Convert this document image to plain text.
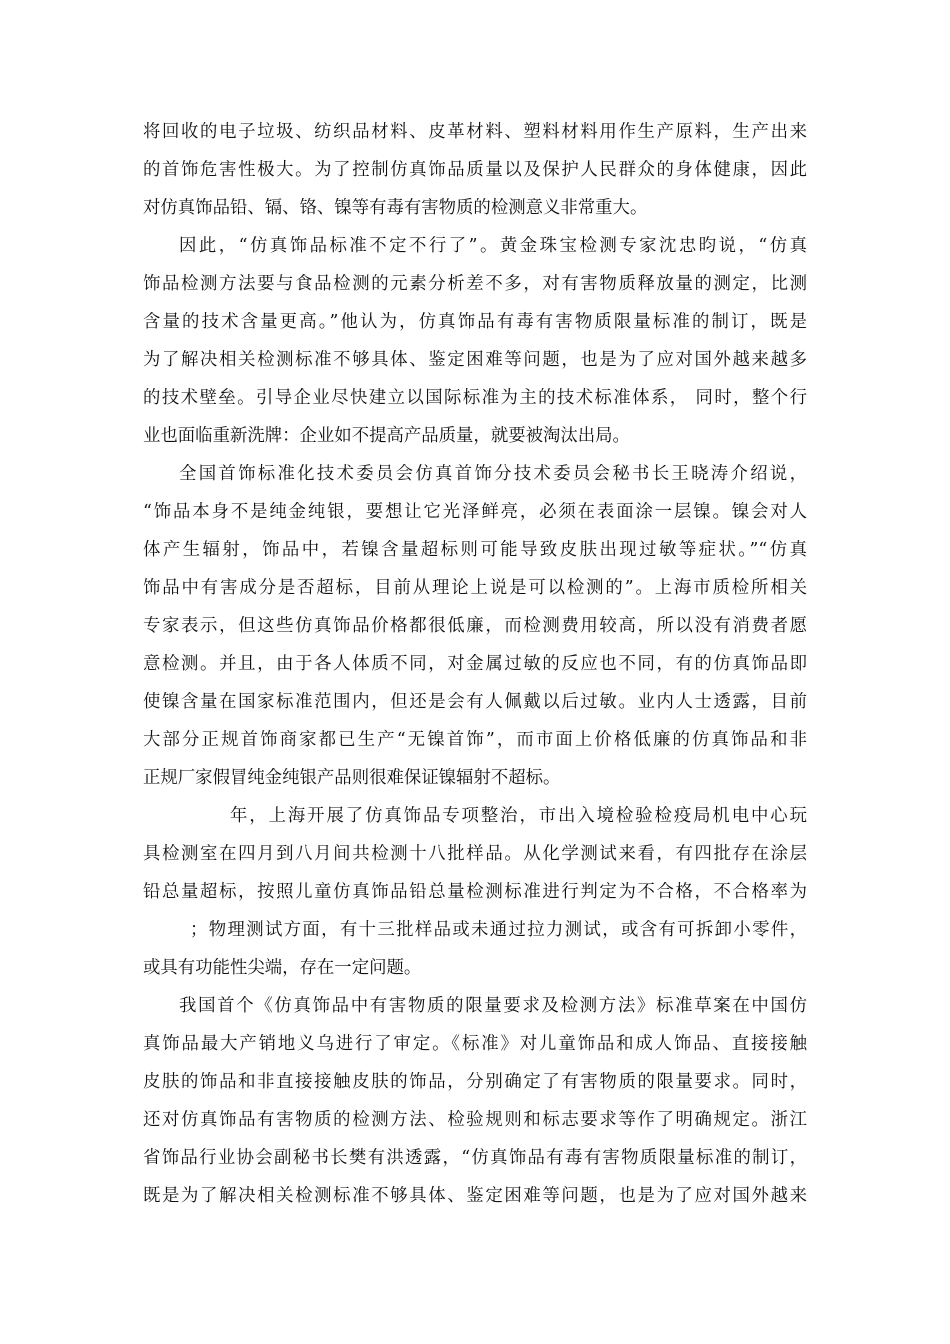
将回收的电子垃圾、纺织品材料、皮革材料、塑料材料用作生产原料，生产出来
的首饰危害性极大。为了控制仿真饰品质量以及保护人民群众的身体健康，因此
对仿真饰品铅、镉、铬、镍等有毒有害物质的检测意义非常重大。
因此，“仿真饰品标准不定不行了”。黄金珠宝检测专家沈忠昀说，“仿真
饰品检测方法要与食品检测的元素分析差不多，对有害物质释放量的测定，比测
含量的技术含量更高。”他认为，仿真饰品有毒有害物质限量标准的制订，既是
为了解决相关检测标准不够具体、鉴定困难等问题，也是为了应对国外越来越多
的技术壁垒。引导企业尽快建立以国际标准为主的技术标准体系， 同时，整个行
业也面临重新洗牌：企业如不提高产品质量，就要被淘汰出局。
全国首饰标准化技术委员会仿真首饰分技术委员会秘书长王晓涛介绍说，
“饰品本身不是纯金纯银，要想让它光泽鲜亮，必须在表面涂一层镍。镍会对人
体产生辐射，饰品中，若镍含量超标则可能导致皮肤出现过敏等症状。”“仿真
饰品中有害成分是否超标，目前从理论上说是可以检测的”。上海市质检所相关
专家表示，但这些仿真饰品价格都很低廉，而检测费用较高，所以没有消费者愿
意检测。并且，由于各人体质不同，对金属过敏的反应也不同，有的仿真饰品即
使镍含量在国家标准范围内，但还是会有人佩戴以后过敏。业内人士透露，目前
大部分正规首饰商家都已生产“无镍首饰”，而市面上价格低廉的仿真饰品和非
正规厂家假冒纯金纯银产品则很难保证镍辐射不超标。
年，上海开展了仿真饰品专项整治，市出入境检验检疫局机电中心玩
具检测室在四月到八月间共检测十八批样品。从化学测试来看，有四批存在涂层
铅总量超标，按照儿童仿真饰品铅总量检测标准进行判定为不合格，不合格率为
；物理测试方面，有十三批样品或未通过拉力测试，或含有可拆卸小零件，
或具有功能性尖端，存在一定问题。
我国首个《仿真饰品中有害物质的限量要求及检测方法》标准草案在中国仿
真饰品最大产销地义乌进行了审定。《标准》对儿童饰品和成人饰品、直接接触
皮肤的饰品和非直接接触皮肤的饰品，分别确定了有害物质的限量要求。同时，
还对仿真饰品有害物质的检测方法、检验规则和标志要求等作了明确规定。浙江
省饰品行业协会副秘书长樊有洪透露，“仿真饰品有毒有害物质限量标准的制订，
既是为了解决相关检测标准不够具体、鉴定困难等问题，也是为了应对国外越来
